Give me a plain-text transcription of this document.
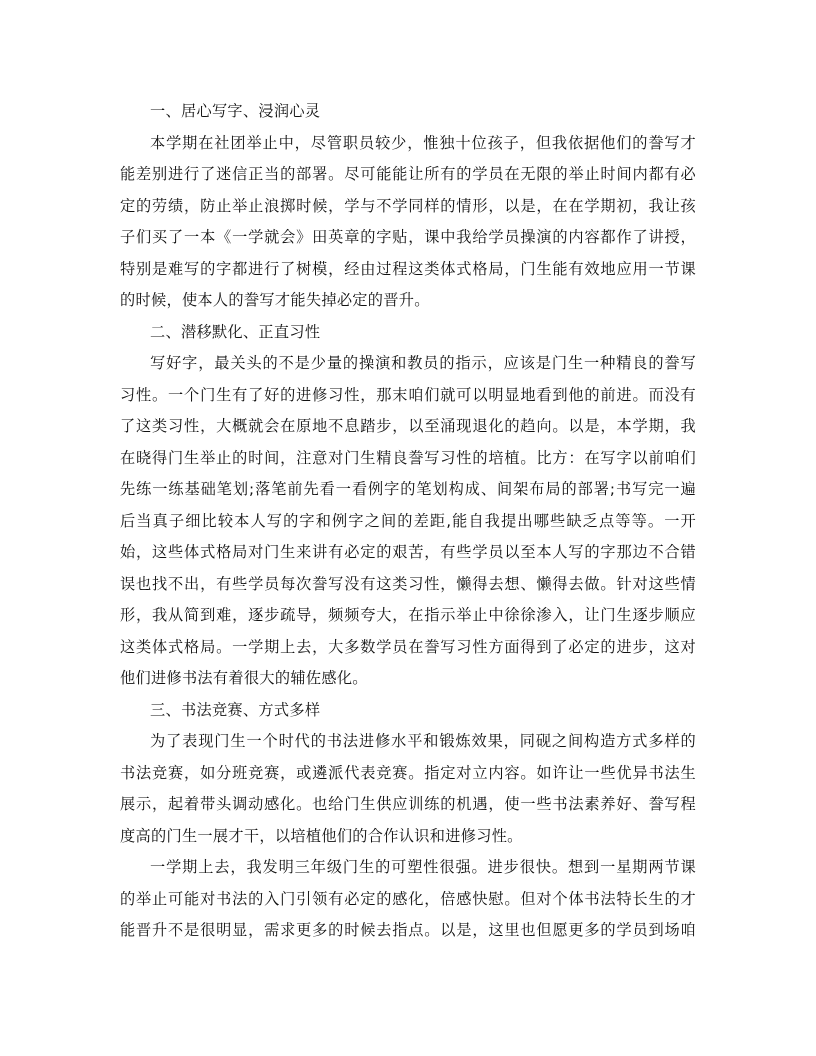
一、居心写字、浸润心灵
本学期在社团举止中，尽管职员较少，惟独十位孩子，但我依据他们的誊写才
能差别进行了迷信正当的部署。尽可能能让所有的学员在无限的举止时间内都有必
定的劳绩，防止举止浪掷时候，学与不学同样的情形，以是，在在学期初，我让孩
子们买了一本《一学就会》田英章的字贴，课中我给学员操演的内容都作了讲授，
特别是难写的字都进行了树模，经由过程这类体式格局，门生能有效地应用一节课
的时候，使本人的誊写才能失掉必定的晋升。
二、潜移默化、正直习性
写好字，最关头的不是少量的操演和教员的指示，应该是门生一种精良的誊写
习性。一个门生有了好的进修习性，那末咱们就可以明显地看到他的前进。而没有
了这类习性，大概就会在原地不息踏步，以至涌现退化的趋向。以是，本学期，我
在晓得门生举止的时间，注意对门生精良誊写习性的培植。比方：在写字以前咱们
先练一练基础笔划;落笔前先看一看例字的笔划构成、间架布局的部署;书写完一遍
后当真子细比较本人写的字和例字之间的差距,能自我提出哪些缺乏点等等。一开
始，这些体式格局对门生来讲有必定的艰苦，有些学员以至本人写的字那边不合错
误也找不出，有些学员每次誊写没有这类习性，懒得去想、懒得去做。针对这些情
形，我从简到难，逐步疏导，频频夸大，在指示举止中徐徐渗入，让门生逐步顺应
这类体式格局。一学期上去，大多数学员在誊写习性方面得到了必定的进步，这对
他们进修书法有着很大的辅佐感化。
三、书法竞赛、方式多样
为了表现门生一个时代的书法进修水平和锻炼效果，同砚之间构造方式多样的
书法竞赛，如分班竞赛，或遴派代表竞赛。指定对立内容。如许让一些优异书法生
展示，起着带头调动感化。也给门生供应训练的机遇，使一些书法素养好、誊写程
度高的门生一展才干，以培植他们的合作认识和进修习性。
一学期上去，我发明三年级门生的可塑性很强。进步很快。想到一星期两节课
的举止可能对书法的入门引领有必定的感化，倍感快慰。但对个体书法特长生的才
能晋升不是很明显，需求更多的时候去指点。以是，这里也但愿更多的学员到场咱
